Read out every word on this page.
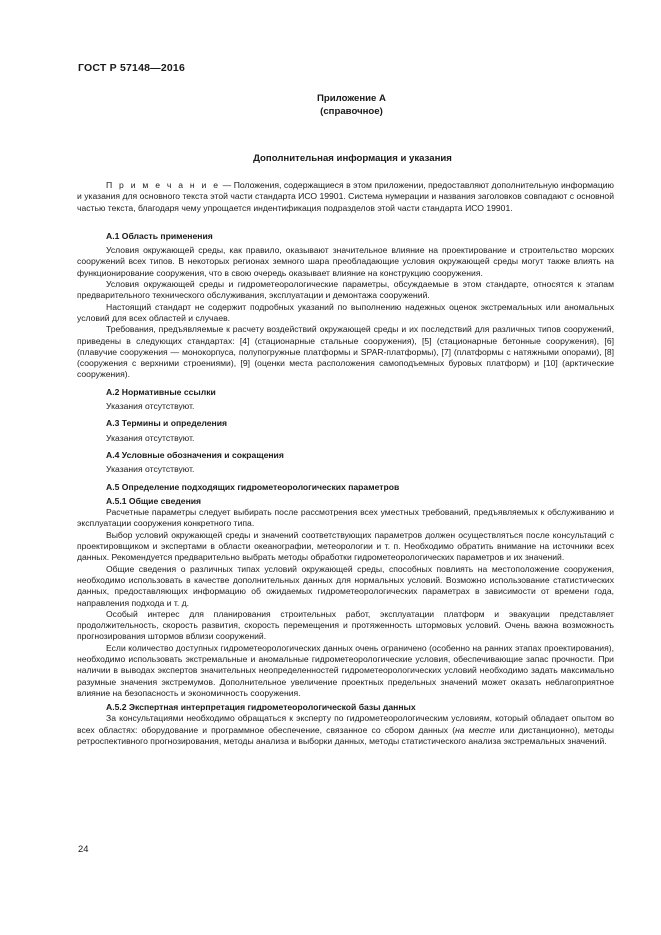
ГОСТ Р 57148—2016
Приложение А
(справочное)
Дополнительная информация и указания

П р и м е ч а н и е — Положения, содержащиеся в этом приложении, предоставляют дополнительную информацию и указания для основного текста этой части стандарта ИСО 19901. Система нумерации и названия заголовков совпадают с основной частью текста, благодаря чему упрощается индентификация подразделов этой части стандарта ИСО 19901.

А.1 Область применения

Условия окружающей среды, как правило, оказывают значительное влияние на проектирование и строительство морских сооружений всех типов. В некоторых регионах земного шара преобладающие условия окружающей среды могут также влиять на функционирование сооружения, что в свою очередь оказывает влияние на конструкцию сооружения.

Условия окружающей среды и гидрометеорологические параметры, обсуждаемые в этом стандарте, относятся к этапам предварительного технического обслуживания, эксплуатации и демонтажа сооружений.

Настоящий стандарт не содержит подробных указаний по выполнению надежных оценок экстремальных или аномальных условий для всех областей и случаев.

Требования, предъявляемые к расчету воздействий окружающей среды и их последствий для различных типов сооружений, приведены в следующих стандартах: [4] (стационарные стальные сооружения), [5] (стационарные бетонные сооружения), [6] (плавучие сооружения — монокорпуса, полупогружные платформы и SPAR-платформы), [7] (платформы с натяжными опорами), [8] (сооружения с верхними строениями), [9] (оценки места расположения самоподъемных буровых платформ) и [10] (арктические сооружения).

А.2 Нормативные ссылки

Указания отсутствуют.

А.3 Термины и определения

Указания отсутствуют.

А.4 Условные обозначения и сокращения

Указания отсутствуют.

А.5 Определение подходящих гидрометеорологических параметров
А.5.1 Общие сведения

Расчетные параметры следует выбирать после рассмотрения всех уместных требований, предъявляемых к обслуживанию и эксплуатации сооружения конкретного типа.

Выбор условий окружающей среды и значений соответствующих параметров должен осуществляться после консультаций с проектировщиком и экспертами в области океанографии, метеорологии и т. п. Необходимо обратить внимание на источники всех данных. Рекомендуется предварительно выбрать методы обработки гидрометеорологических параметров и их значений.

Общие сведения о различных типах условий окружающей среды, способных повлиять на местоположение сооружения, необходимо использовать в качестве дополнительных данных для нормальных условий. Возможно использование статистических данных, предоставляющих информацию об ожидаемых гидрометеорологических параметрах в зависимости от времени года, направления подхода и т. д.

Особый интерес для планирования строительных работ, эксплуатации платформ и эвакуации представляет продолжительность, скорость развития, скорость перемещения и протяженность штормовых условий. Очень важна возможность прогнозирования штормов вблизи сооружений.

Если количество доступных гидрометеорологических данных очень ограничено (особенно на ранних этапах проектирования), необходимо использовать экстремальные и аномальные гидрометеорологические условия, обеспечивающие запас прочности. При наличии в выводах экспертов значительных неопределенностей гидрометеорологических условий необходимо задать максимально разумные значения экстремумов. Дополнительное увеличение проектных предельных значений может оказать неблагоприятное влияние на безопасность и экономичность сооружения.

А.5.2 Экспертная интерпретация гидрометеорологической базы данных

За консультациями необходимо обращаться к эксперту по гидрометеорологическим условиям, который обладает опытом во всех областях: оборудование и программное обеспечение, связанное со сбором данных (на месте или дистанционно), методы ретроспективного прогнозирования, методы анализа и выборки данных, методы статистического анализа экстремальных значений.

24
